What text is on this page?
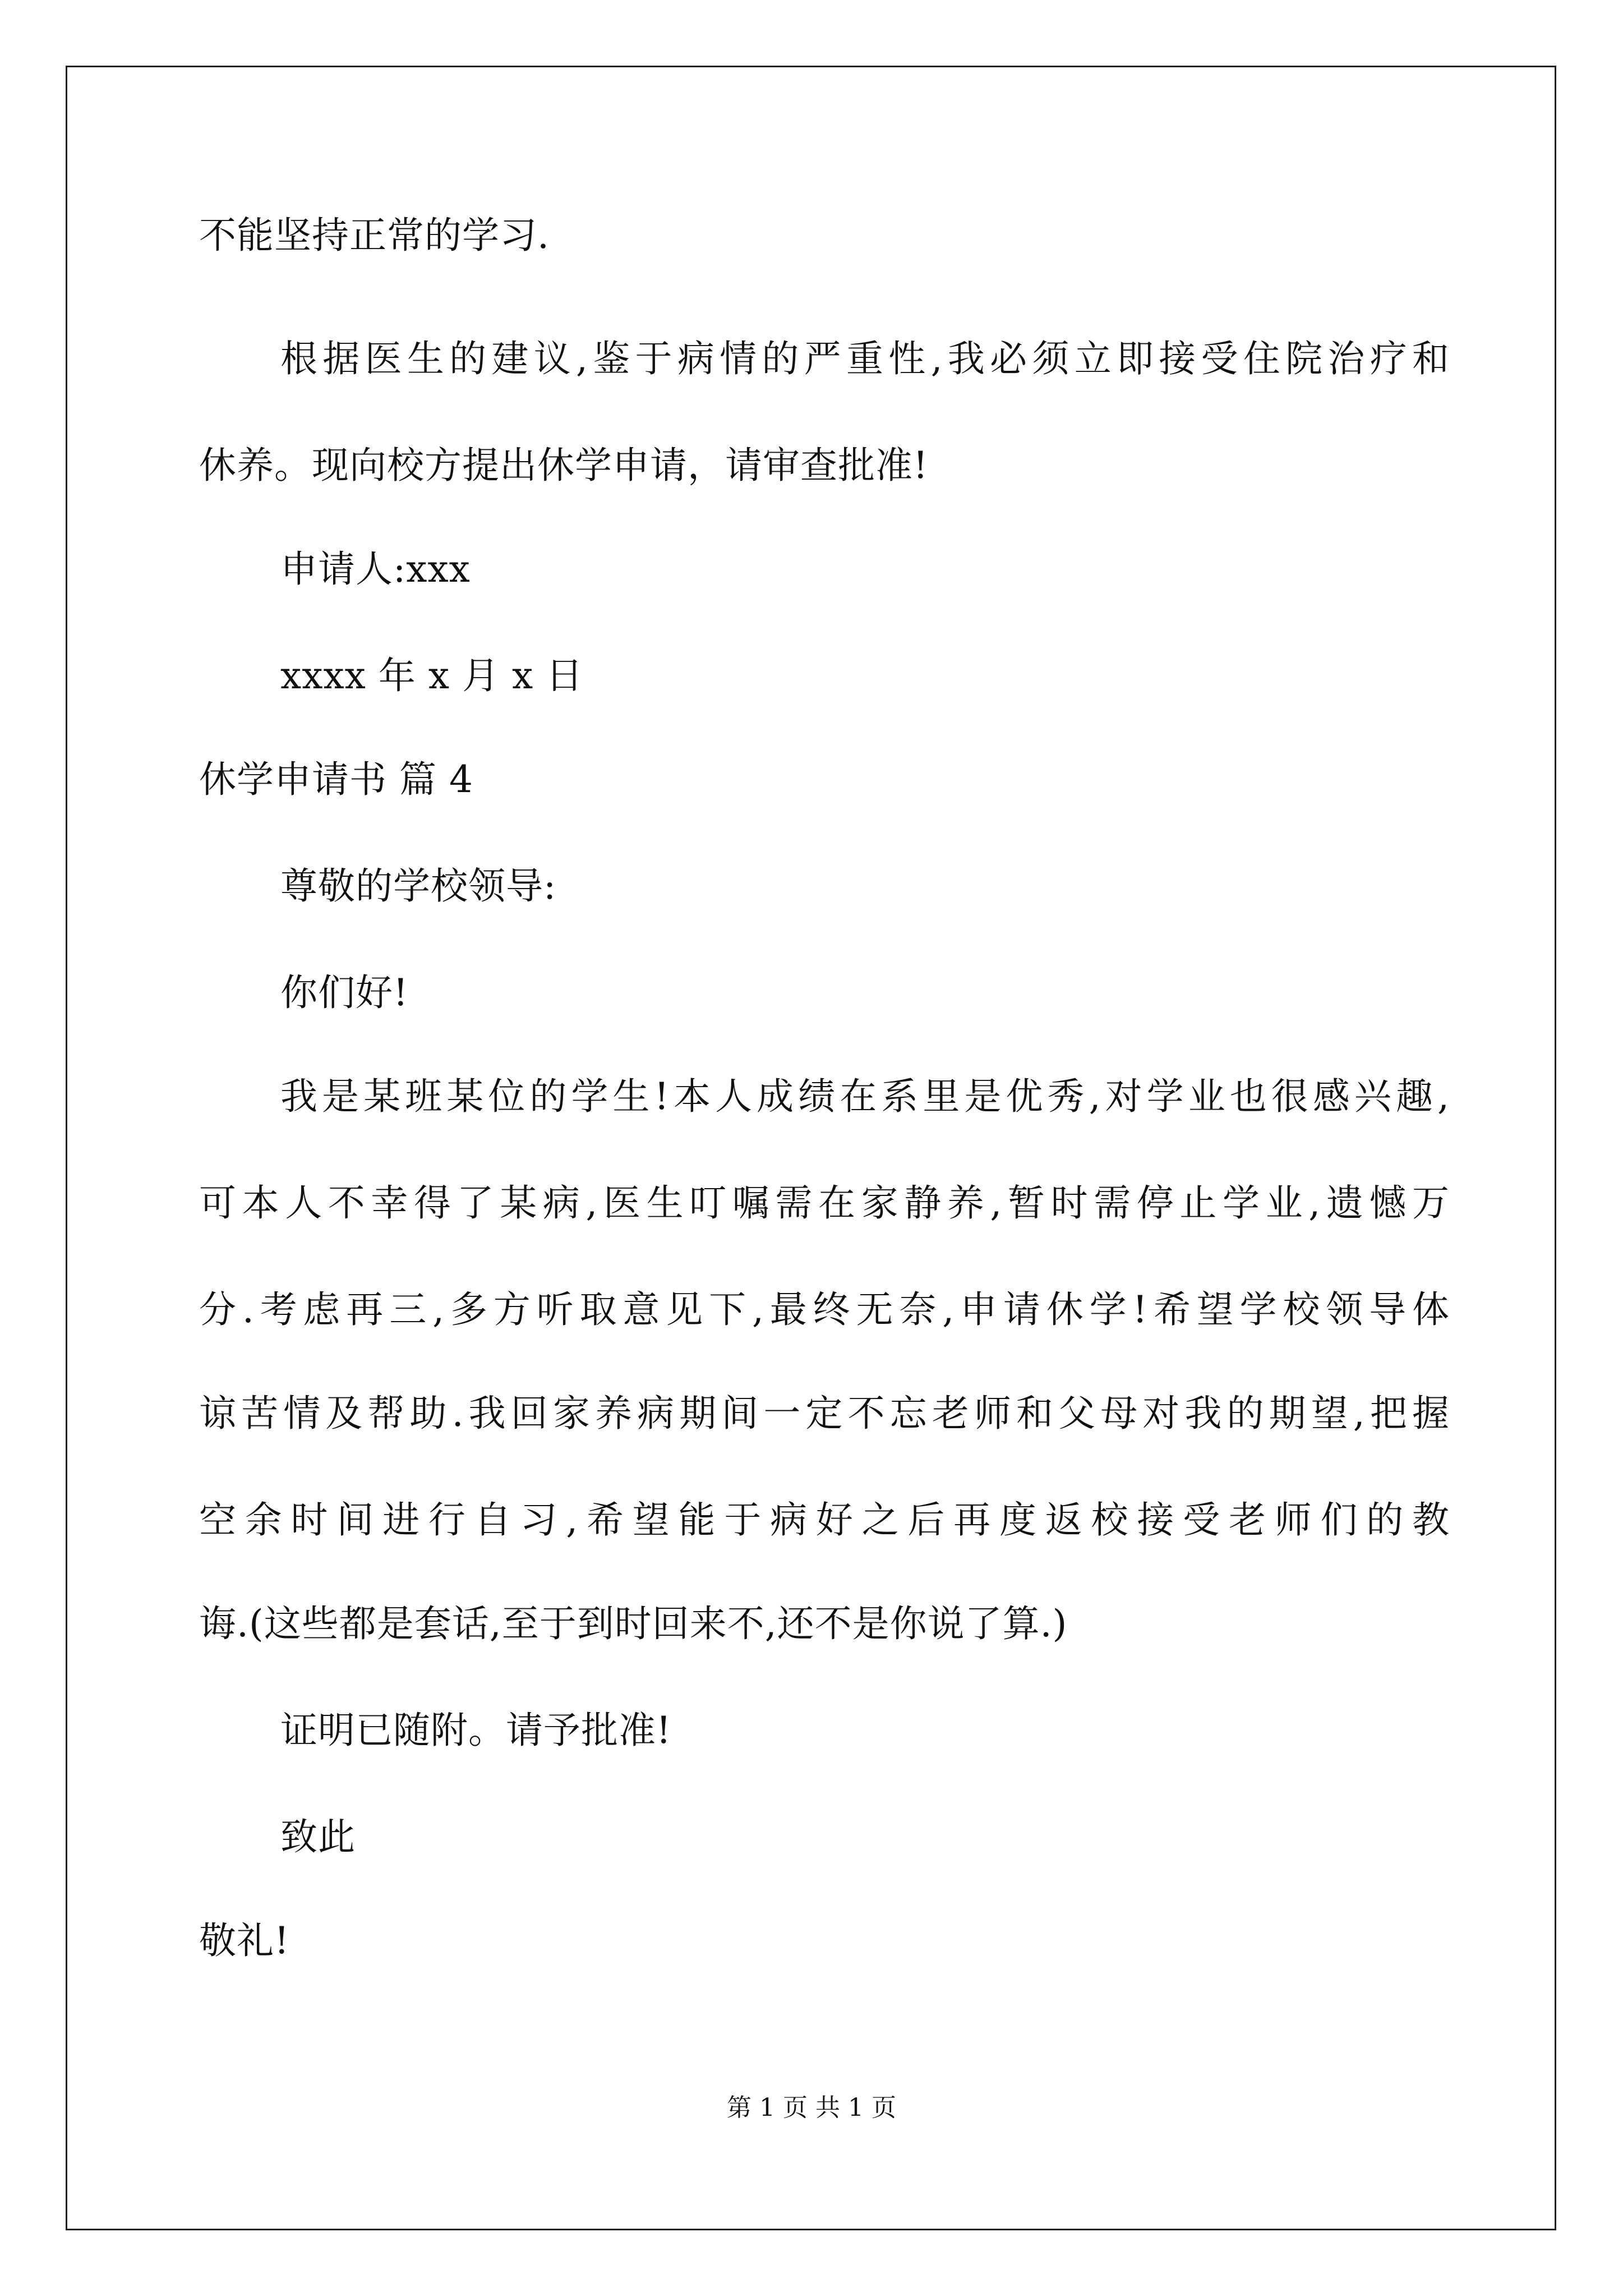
不能坚持正常的学习.
根据医生的建议,鉴于病情的严重性,我必须立即接受住院治疗和
休养。现向校方提出休学申请，请审查批准!
申请人:xxx
xxxx 年 x 月 x 日
休学申请书 篇 4
尊敬的学校领导:
你们好!
我是某班某位的学生!本人成绩在系里是优秀,对学业也很感兴趣,
可本人不幸得了某病,医生叮嘱需在家静养,暂时需停止学业,遗憾万
分.考虑再三,多方听取意见下,最终无奈,申请休学!希望学校领导体
谅苦情及帮助.我回家养病期间一定不忘老师和父母对我的期望,把握
空余时间进行自习,希望能于病好之后再度返校接受老师们的教
诲.(这些都是套话,至于到时回来不,还不是你说了算.)
证明已随附。请予批准!
致此
敬礼!
第 1 页 共 1 页
